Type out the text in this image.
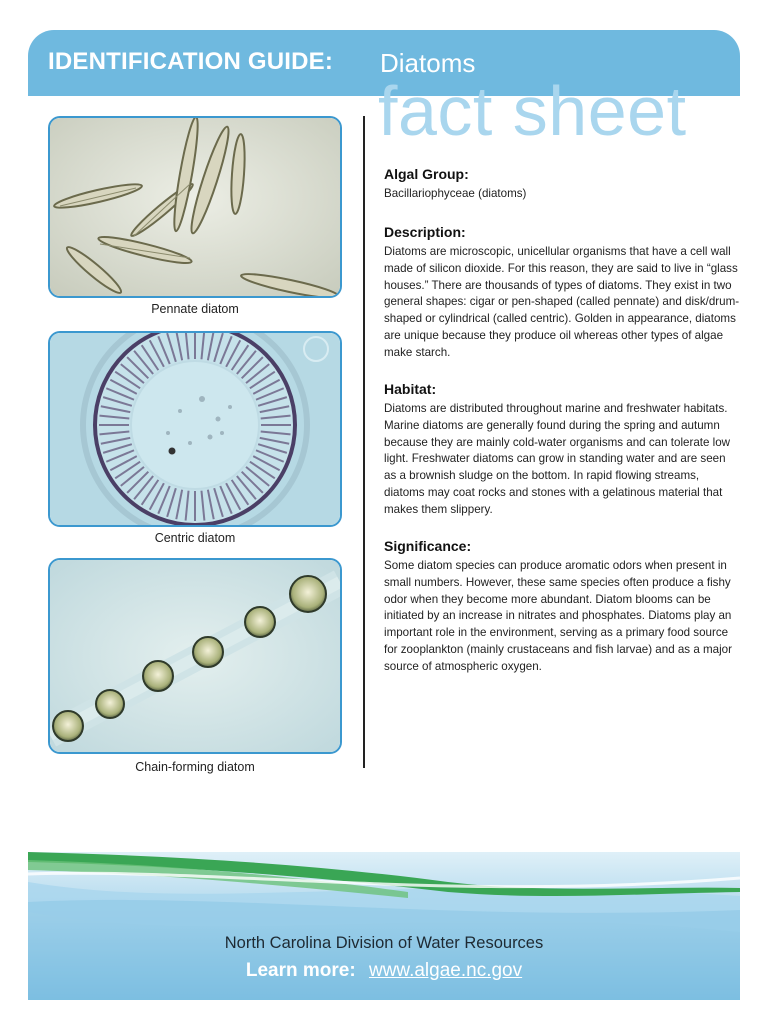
IDENTIFICATION GUIDE: Diatoms
fact sheet
Pennate diatom
Centric diatom
Chain-forming diatom
Algal Group:

Bacillariophyceae (diatoms)

Description:

Diatoms are microscopic, unicellular organisms that have a cell wall made of silicon dioxide. For this reason, they are said to live in “glass houses.” There are thousands of types of diatoms. They exist in two general shapes: cigar or pen-shaped (called pennate) and disk/drum-shaped or cylindrical (called centric). Golden in appearance, diatoms are unique because they produce oil whereas other types of algae make starch.

Habitat:

Diatoms are distributed throughout marine and freshwater habitats. Marine diatoms are generally found during the spring and autumn because they are mainly cold-water organisms and can tolerate low light. Freshwater diatoms can grow in standing water and are seen as a brownish sludge on the bottom. In rapid flowing streams, diatoms may coat rocks and stones with a gelatinous material that makes them slippery.

Significance:

Some diatom species can produce aromatic odors when present in small numbers. However, these same species often produce a fishy odor when they become more abundant. Diatom blooms can be initiated by an increase in nitrates and phosphates. Diatoms play an important role in the environment, serving as a primary food source for zooplankton (mainly crustaceans and fish larvae) and as a major source of atmospheric oxygen.

North Carolina Division of Water Resources
Learn more: www.algae.nc.gov
